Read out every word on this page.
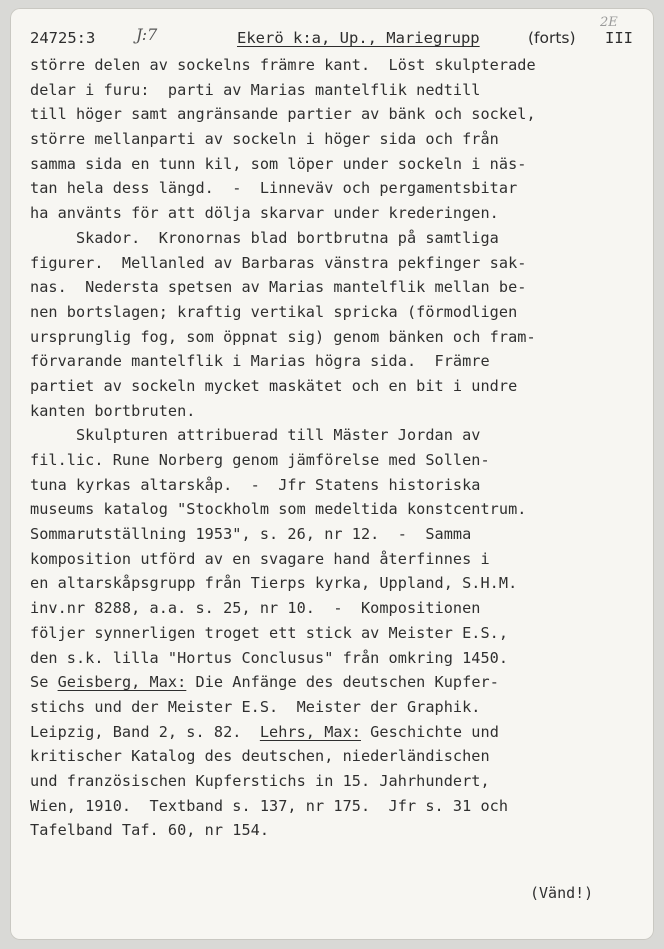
24725:3	J:7	Ekerö k:a, Up., Mariegrupp	(forts) III
2E
större delen av sockelns främre kant.  Löst skulpterade
delar i furu:  parti av Marias mantelflik nedtill
till höger samt angränsande partier av bänk och sockel,
större mellanparti av sockeln i höger sida och från
samma sida en tunn kil, som löper under sockeln i näs-
tan hela dess längd.  -  Linneväv och pergamentsbitar
ha använts för att dölja skarvar under krederingen.
Skador.  Kronornas blad bortbrutna på samtliga
figurer.  Mellanled av Barbaras vänstra pekfinger sak-
nas.  Nedersta spetsen av Marias mantelflik mellan be-
nen bortslagen; kraftig vertikal spricka (förmodligen
ursprunglig fog, som öppnat sig) genom bänken och fram-
förvarande mantelflik i Marias högra sida.  Främre
partiet av sockeln mycket maskätet och en bit i undre
kanten bortbruten.
Skulpturen attribuerad till Mäster Jordan av
fil.lic. Rune Norberg genom jämförelse med Sollen-
tuna kyrkas altarskåp.  -  Jfr Statens historiska
museums katalog "Stockholm som medeltida konstcentrum.
Sommarutställning 1953", s. 26, nr 12.  -  Samma
komposition utförd av en svagare hand återfinnes i
en altarskåpsgrupp från Tierps kyrka, Uppland, S.H.M.
inv.nr 8288, a.a. s. 25, nr 10.  -  Kompositionen
följer synnerligen troget ett stick av Meister E.S.,
den s.k. lilla "Hortus Conclusus" från omkring 1450.
Se Geisberg, Max: Die Anfänge des deutschen Kupfer-
stichs und der Meister E.S.  Meister der Graphik.
Leipzig, Band 2, s. 82.  Lehrs, Max: Geschichte und
kritischer Katalog des deutschen, niederländischen
und französischen Kupferstichs in 15. Jahrhundert,
Wien, 1910.  Textband s. 137, nr 175.  Jfr s. 31 och
Tafelband Taf. 60, nr 154.
(Vänd!)
